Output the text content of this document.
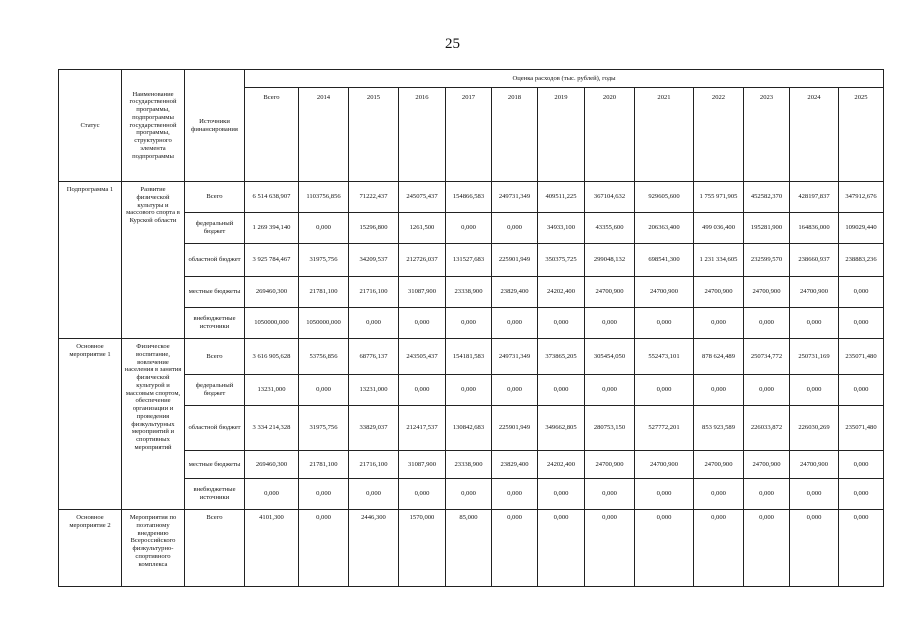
25
Статус	Наименование государственной программы, подпрограммы государственной программы, структурного элемента подпрограммы	Источники финансирования	Оценка расходов (тыс. рублей), годы												
			Всего	2014	2015	2016	2017	2018	2019	2020	2021	2022	2023	2024	2025
Подпрограмма 1	Развитие физической культуры и массового спорта в Курской области	Всего	6 514 638,907	1103756,856	71222,437	245075,437	154866,583	249731,349	409511,225	367104,632	929605,600	1 755 971,905	452582,370	428197,837	347912,676
		федеральный бюджет	1 269 394,140	0,000	15296,800	1261,500	0,000	0,000	34933,100	43355,600	206363,400	499 036,400	195281,900	164836,000	109029,440
		областной бюджет	3 925 784,467	31975,756	34209,537	212726,037	131527,683	225901,949	350375,725	299048,132	698541,300	1 231 334,605	232599,570	238660,937	238883,236
		местные бюджеты	269460,300	21781,100	21716,100	31087,900	23338,900	23829,400	24202,400	24700,900	24700,900	24700,900	24700,900	24700,900	0,000
		внебюджетные источники	1050000,000	1050000,000	0,000	0,000	0,000	0,000	0,000	0,000	0,000	0,000	0,000	0,000	0,000
Основное мероприятие 1	Физическое воспитание, вовлечение населения в занятия физической культурой и массовым спортом, обеспечение организации и проведения физкультурных мероприятий и спортивных мероприятий	Всего	3 616 905,628	53756,856	68776,137	243505,437	154181,583	249731,349	373865,205	305454,050	552473,101	878 624,489	250734,772	250731,169	235071,480
		федеральный бюджет	13231,000	0,000	13231,000	0,000	0,000	0,000	0,000	0,000	0,000	0,000	0,000	0,000	0,000
		областной бюджет	3 334 214,328	31975,756	33829,037	212417,537	130842,683	225901,949	349662,805	280753,150	527772,201	853 923,589	226033,872	226030,269	235071,480
		местные бюджеты	269460,300	21781,100	21716,100	31087,900	23338,900	23829,400	24202,400	24700,900	24700,900	24700,900	24700,900	24700,900	0,000
		внебюджетные источники	0,000	0,000	0,000	0,000	0,000	0,000	0,000	0,000	0,000	0,000	0,000	0,000	0,000
Основное мероприятие 2	Мероприятия по поэтапному внедрению Всероссийского физкультурно-спортивного комплекса	Всего	4101,300	0,000	2446,300	1570,000	85,000	0,000	0,000	0,000	0,000	0,000	0,000	0,000	0,000
